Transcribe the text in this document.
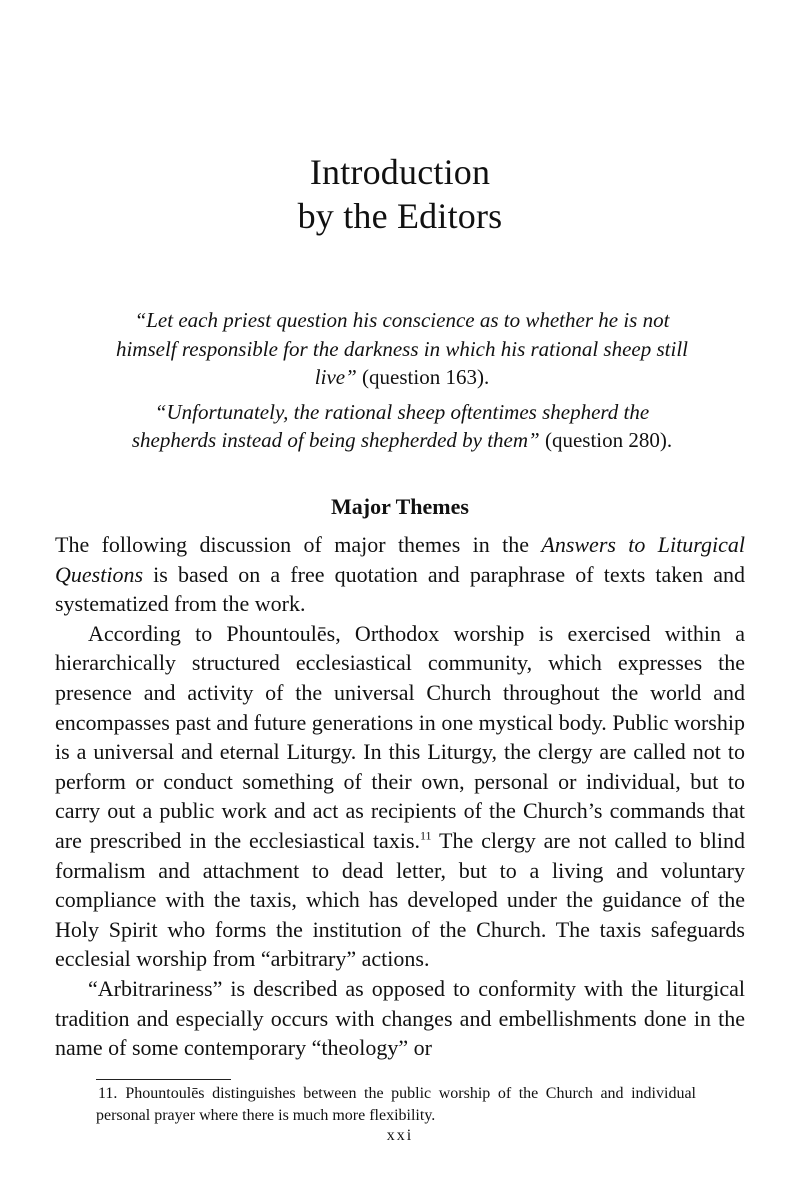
Introduction
by the Editors

“Let each priest question his conscience as to whether he is not himself responsible for the darkness in which his rational sheep still live” (question 163).

“Unfortunately, the rational sheep oftentimes shepherd the shepherds instead of being shepherded by them” (question 280).

Major Themes

The following discussion of major themes in the Answers to Liturgical Questions is based on a free quotation and paraphrase of texts taken and systematized from the work.

According to Phountoulēs, Orthodox worship is exercised within a hierarchically structured ecclesiastical community, which expresses the presence and activity of the universal Church throughout the world and encompasses past and future generations in one mystical body. Public worship is a universal and eternal Liturgy. In this Liturgy, the clergy are called not to perform or conduct something of their own, personal or individual, but to carry out a public work and act as recipients of the Church’s commands that are prescribed in the ecclesiastical taxis.$^{11}$ The clergy are not called to blind formalism and attachment to dead letter, but to a living and voluntary compliance with the taxis, which has developed under the guidance of the Holy Spirit who forms the institution of the Church. The taxis safeguards ecclesial worship from “arbitrary” actions.

“Arbitrariness” is described as opposed to conformity with the liturgical tradition and especially occurs with changes and embellishments done in the name of some contemporary “theology” or

11. Phountoulēs distinguishes between the public worship of the Church and individual personal prayer where there is much more flexibility.

xxi
